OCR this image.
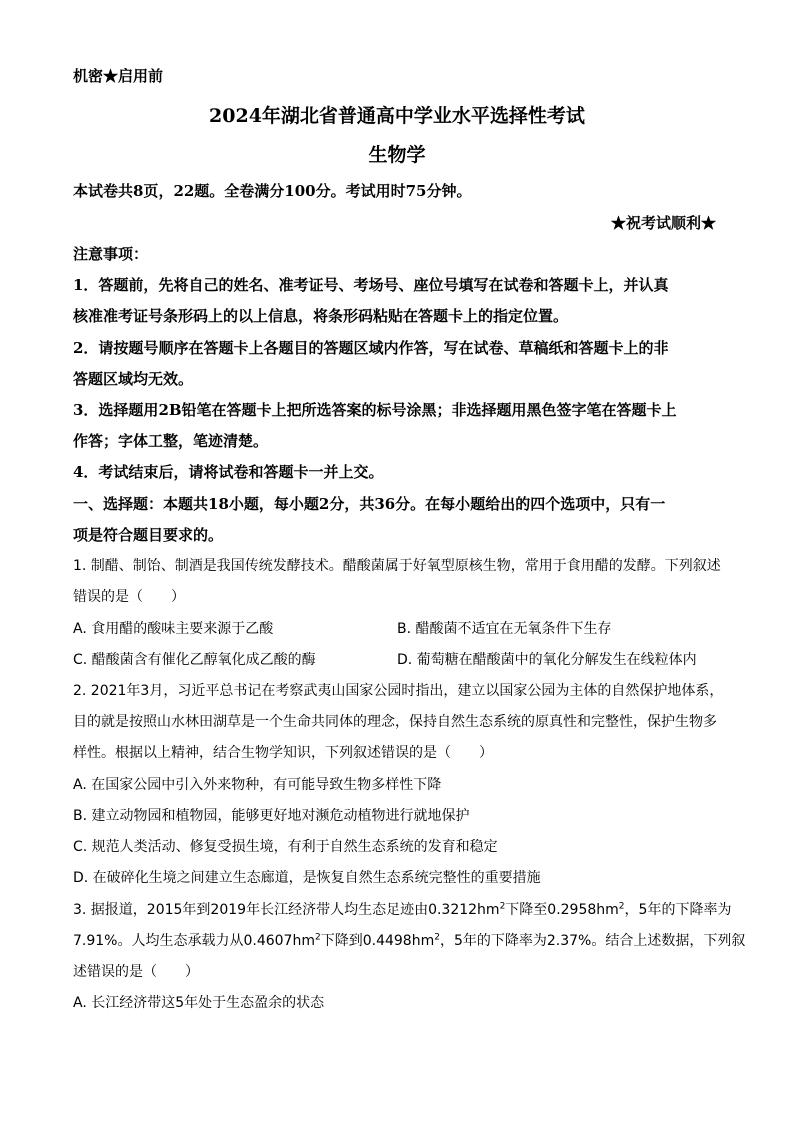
机密★启用前
2024年湖北省普通高中学业水平选择性考试
生物学
本试卷共8页，22题。全卷满分100分。考试用时75分钟。
★祝考试顺利★
注意事项：
1．答题前，先将自己的姓名、准考证号、考场号、座位号填写在试卷和答题卡上，并认真
核准准考证号条形码上的以上信息，将条形码粘贴在答题卡上的指定位置。
2．请按题号顺序在答题卡上各题目的答题区域内作答，写在试卷、草稿纸和答题卡上的非
答题区域均无效。
3．选择题用2B铅笔在答题卡上把所选答案的标号涂黑；非选择题用黑色签字笔在答题卡上
作答；字体工整，笔迹清楚。
4．考试结束后，请将试卷和答题卡一并上交。
一、选择题：本题共18小题，每小题2分，共36分。在每小题给出的四个选项中，只有一
项是符合题目要求的。
1. 制醋、制饴、制酒是我国传统发酵技术。醋酸菌属于好氧型原核生物，常用于食用醋的发酵。下列叙述
错误的是（　　）
A. 食用醋的酸味主要来源于乙酸	B. 醋酸菌不适宜在无氧条件下生存
C. 醋酸菌含有催化乙醇氧化成乙酸的酶	D. 葡萄糖在醋酸菌中的氧化分解发生在线粒体内
2. 2021年3月，习近平总书记在考察武夷山国家公园时指出，建立以国家公园为主体的自然保护地体系，
目的就是按照山水林田湖草是一个生命共同体的理念，保持自然生态系统的原真性和完整性，保护生物多
样性。根据以上精神，结合生物学知识，下列叙述错误的是（　　）
A. 在国家公园中引入外来物种，有可能导致生物多样性下降
B. 建立动物园和植物园，能够更好地对濒危动植物进行就地保护
C. 规范人类活动、修复受损生境，有利于自然生态系统的发育和稳定
D. 在破碎化生境之间建立生态廊道，是恢复自然生态系统完整性的重要措施
3. 据报道，2015年到2019年长江经济带人均生态足迹由$0.3212hm^2$下降至$0.2958hm^2$，5年的下降率为
7.91%。人均生态承载力从$0.4607hm^2$下降到$0.4498hm^2$，5年的下降率为2.37%。结合上述数据，下列叙
述错误的是（　　）
A. 长江经济带这5年处于生态盈余的状态
